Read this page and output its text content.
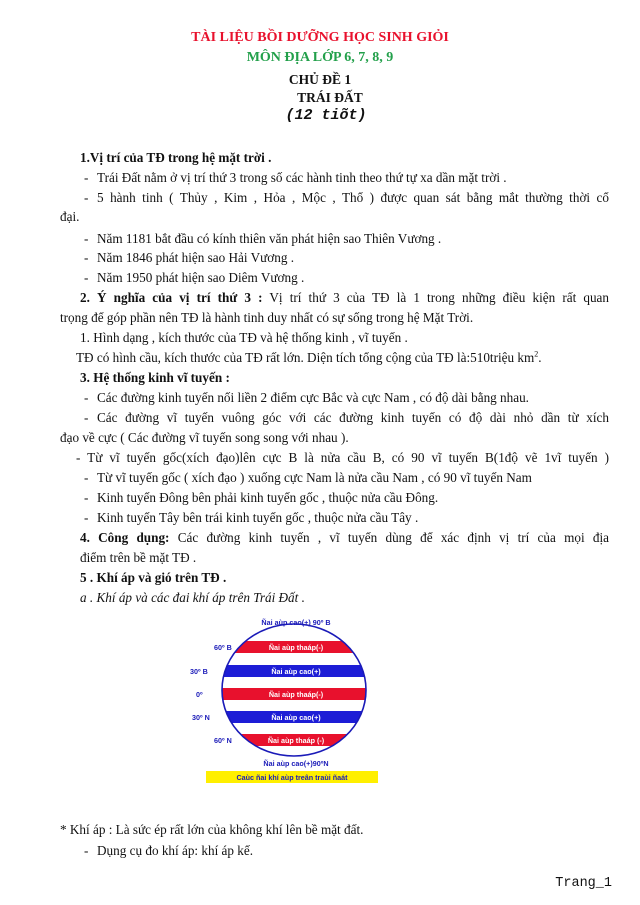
TÀI LIỆU BỒI DƯỠNG HỌC SINH GIỎI
MÔN ĐỊA LỚP 6, 7, 8, 9
CHỦ ĐỀ 1
TRÁI ĐẤT
(12 tiõt)
1.Vị trí của TĐ trong hệ mặt trời .
- Trái Đất nằm ở vị trí thứ 3 trong số các hành tinh theo thứ tự xa dần mặt trời .
- 5 hành tinh ( Thủy , Kim , Hỏa , Mộc , Thổ ) được quan sát bằng mắt thường thời cổ
đại.
- Năm 1181 bắt đầu có kính thiên văn phát hiện sao Thiên Vương .
- Năm 1846 phát hiện sao Hải Vương .
- Năm 1950 phát hiện sao Diêm Vương .
2. Ý nghĩa của vị trí thứ 3 : Vị trí thứ 3 của TĐ là 1 trong những điều kiện rất quan
trọng để góp phần nên TĐ là hành tinh duy nhất có sự sống trong hệ Mặt Trời.
1. Hình dạng , kích thước của TĐ và hệ thống kinh , vĩ tuyến .
TĐ có hình cầu, kích thước của TĐ rất lớn. Diện tích tổng cộng của TĐ là:510triệu $km^2$.
3. Hệ thống kinh vĩ tuyến :
- Các đường kinh tuyến nối liền 2 điểm cực Bắc và cực Nam , có độ dài bằng nhau.
- Các đường vĩ tuyến vuông góc với các đường kinh tuyến có độ dài nhỏ dần từ xích
đạo về cực ( Các đường vĩ tuyến song song với nhau ).
- Từ vĩ tuyến gốc(xích đạo)lên cực B là nửa cầu B, có 90 vĩ tuyến B(1độ vẽ 1vĩ tuyến )
- Từ vĩ tuyến gốc ( xích đạo ) xuống cực Nam là nửa cầu Nam , có 90 vĩ tuyến Nam
- Kinh tuyến Đông bên phải kinh tuyến gốc , thuộc nửa cầu Đông.
- Kinh tuyến Tây bên trái kinh tuyến gốc , thuộc nửa cầu Tây .
4. Công dụng: Các đường kinh tuyến , vĩ tuyến dùng để xác định vị trí của mọi địa
điểm trên bề mặt TĐ .
5 . Khí áp và gió trên TĐ .
a . Khí áp và các đai khí áp trên Trái Đất .
Ñai aùp cao(+) 90º B
Ñai aùp cao(+)90ºN
Ñai aùp thaáp(-)
Ñai aùp cao(+)
Ñai aùp thaáp(-)
Ñai aùp cao(+)
Ñai aùp thaáp (-)
60º B
30º B
0º
30º N
60º N
Caùc ñai khí aùp treân traùi ñaát
* Khí áp : Là sức ép rất lớn của không khí lên bề mặt đất.
- Dụng cụ đo khí áp: khí áp kế.
Trang_1
